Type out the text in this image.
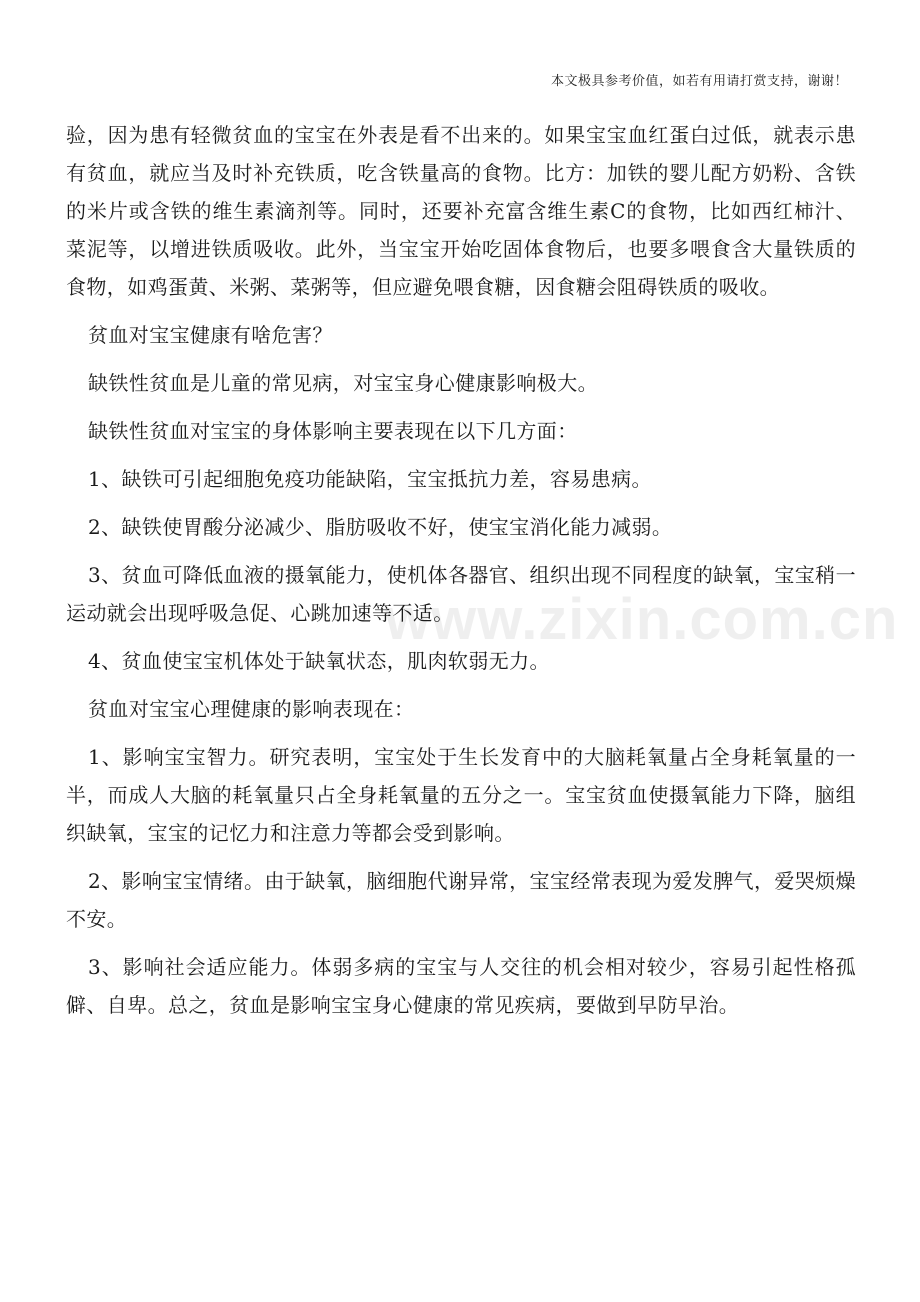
本文极具参考价值，如若有用请打赏支持，谢谢！
www.zixin.com.cn

验，因为患有轻微贫血的宝宝在外表是看不出来的。如果宝宝血红蛋白过低，就表示患有贫血，就应当及时补充铁质，吃含铁量高的食物。比方：加铁的婴儿配方奶粉、含铁的米片或含铁的维生素滴剂等。同时，还要补充富含维生素C的食物，比如西红柿汁、菜泥等，以增进铁质吸收。此外，当宝宝开始吃固体食物后，也要多喂食含大量铁质的食物，如鸡蛋黄、米粥、菜粥等，但应避免喂食糖，因食糖会阻碍铁质的吸收。

贫血对宝宝健康有啥危害？

缺铁性贫血是儿童的常见病，对宝宝身心健康影响极大。

缺铁性贫血对宝宝的身体影响主要表现在以下几方面：

1、缺铁可引起细胞免疫功能缺陷，宝宝抵抗力差，容易患病。

2、缺铁使胃酸分泌减少、脂肪吸收不好，使宝宝消化能力减弱。

3、贫血可降低血液的摄氧能力，使机体各器官、组织出现不同程度的缺氧，宝宝稍一运动就会出现呼吸急促、心跳加速等不适。

4、贫血使宝宝机体处于缺氧状态，肌肉软弱无力。

贫血对宝宝心理健康的影响表现在：

1、影响宝宝智力。研究表明，宝宝处于生长发育中的大脑耗氧量占全身耗氧量的一半，而成人大脑的耗氧量只占全身耗氧量的五分之一。宝宝贫血使摄氧能力下降，脑组织缺氧，宝宝的记忆力和注意力等都会受到影响。

2、影响宝宝情绪。由于缺氧，脑细胞代谢异常，宝宝经常表现为爱发脾气，爱哭烦燥不安。

3、影响社会适应能力。体弱多病的宝宝与人交往的机会相对较少，容易引起性格孤僻、自卑。总之，贫血是影响宝宝身心健康的常见疾病，要做到早防早治。
